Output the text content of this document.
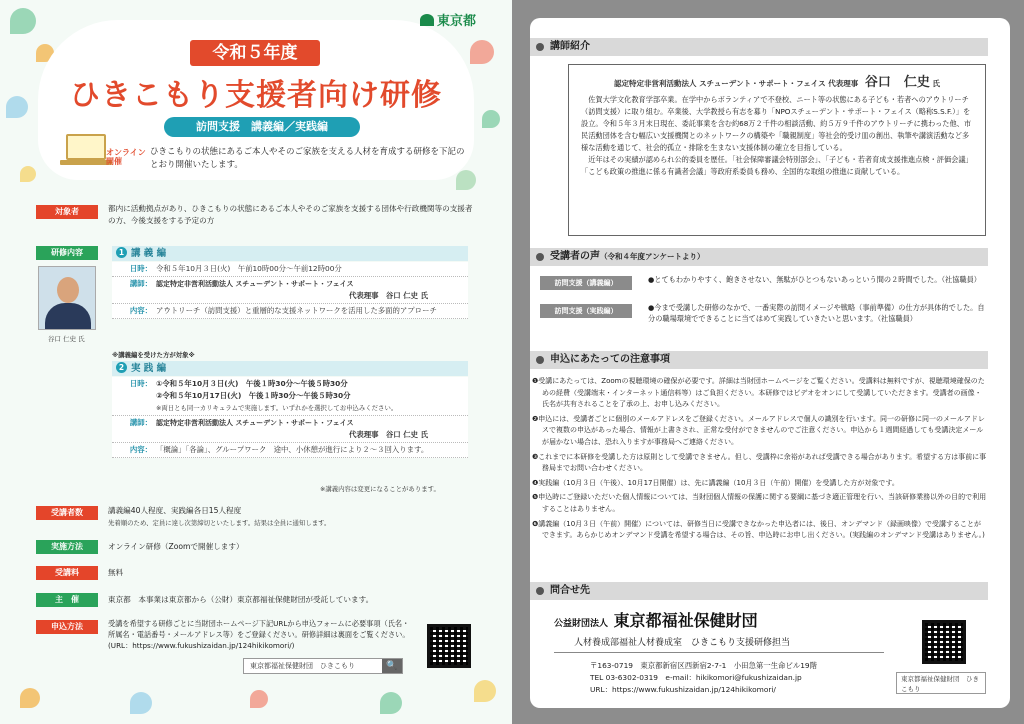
東京都
令和５年度
ひきこもり支援者向け研修
訪問支援　講義編／実践編
オンライン
開催
ひきこもりの状態にあるご本人やそのご家族を支える人材を育成する研修を下記のとおり開催いたします。
対象者	都内に活動拠点があり、ひきこもりの状態にあるご本人やそのご家族を支援する団体や行政機関等の支援者の方、今後支援をする予定の方
研修内容
谷口 仁史 氏
1 講 義 編
日時： 令和５年10月３日(火)　午前10時00分～午前12時00分
講師： 認定特定非営利活動法人 スチューデント・サポート・フェイス
代表理事　谷口 仁史 氏
内容： アウトリーチ（訪問支援）と重層的な支援ネットワークを活用した多面的アプローチ
※講義編を受けた方が対象※
2 実 践 編
日時： ①令和５年10月３日(火)　午後１時30分～午後５時30分
②令和５年10月17日(火)　午後１時30分～午後５時30分
※両日とも同一カリキュラムで実施します。いずれかを選択してお申込みください。
講師： 認定特定非営利活動法人 スチューデント・サポート・フェイス
代表理事　谷口 仁史 氏
内容： 「概論」「各論」、グループワーク　途中、小休憩が進行により２～３回入ります。
※講義内容は変更になることがあります。
受講者数	講義編40人程度、実践編各日15人程度
先着順のため、定員に達し次第締切といたします。結果は全員に通知します。
実施方法	オンライン研修（Zoomで開催します）
受講料	無料
主　催	東京都　本事業は東京都から（公財）東京都福祉保健財団が受託しています。
申込方法	受講を希望する研修ごとに当財団ホームページ下記URLから申込フォームに必要事項（氏名・所属名・電話番号・メールアドレス等）をご登録ください。研修詳細は裏面をご覧ください。(URL：https://www.fukushizaidan.jp/124hikikomori/)
東京都福祉保健財団　ひきこもり	🔍
講師紹介
認定特定非営利活動法人 スチューデント・サポート・フェイス 代表理事 谷口　仁史 氏
佐賀大学文化教育学部卒業。在学中からボランティアで不登校、ニート等の状態にある子ども・若者へのアウトリーチ（訪問支援）に取り組む。卒業後、大学教授ら有志を募り「NPOスチューデント・サポート・フェイス（略称S.S.F.）」を設立。令和５年３月末日現在、委託事業を含む約68万２千件の相談活動、約５万９千件のアウトリーチに携わった他、市民活動団体を含む幅広い支援機関とのネットワークの構築や「職親制度」等社会的受け皿の創出、執筆や講演活動など多様な活動を通じて、社会的孤立・排除を生まない支援体制の確立を目指している。
近年はその実績が認められ公的委員を歴任。「社会保障審議会特別部会」、「子ども・若者育成支援推進点検・評価会議」「こども政策の推進に係る有識者会議」等政府系委員も務め、全国的な取組の推進に貢献している。
受講者の声（令和４年度アンケートより）
訪問支援（講義編）	●とてもわかりやすく、飽きさせない、無駄がひとつもないあっという間の２時間でした。（社協職員）
訪問支援（実践編）	●今まで受講した研修のなかで、一番実際の訪問イメージや戦略（事前準備）の仕方が具体的でした。自分の職場環境でできることに当てはめて実践していきたいと思います。（社協職員）
申込にあたっての注意事項

❶受講にあたっては、Zoomの視聴環境の確保が必要です。詳細は当財団ホームページをご覧ください。受講料は無料ですが、視聴環境確保のための経費（受講端末・インターネット通信料等）はご負担ください。本研修ではビデオをオンにして受講していただきます。受講者の画像・氏名が共有されることを了承の上、お申し込みください。

❷申込には、受講者ごとに個別のメールアドレスをご登録ください。メールアドレスで個人の識別を行います。同一の研修に同一のメールアドレスで複数の申込があった場合、情報が上書きされ、正常な受付ができませんのでご注意ください。申込から１週間経過しても受講決定メールが届かない場合は、恐れ入りますが事務局へご連絡ください。

❸これまでに本研修を受講した方は原則として受講できません。但し、受講枠に余裕があれば受講できる場合があります。希望する方は事前に事務局までお問い合わせください。

❹実践編（10月３日（午後）、10月17日開催）は、先に講義編（10月３日（午前）開催）を受講した方が対象です。

❺申込時にご登録いただいた個人情報については、当財団個人情報の保護に関する要綱に基づき適正管理を行い、当該研修業務以外の目的で利用することはありません。

❻講義編（10月３日（午前）開催）については、研修当日に受講できなかった申込者には、後日、オンデマンド（録画映像）で受講することができます。あらかじめオンデマンド受講を希望する場合は、その旨、申込時にお申し出ください。(実践編のオンデマンド受講はありません。)

問合せ先
公益財団法人 東京都福祉保健財団
人材養成部福祉人材養成室　ひきこもり支援研修担当
〒163-0719　東京都新宿区西新宿2-7-1　小田急第一生命ビル19階
TEL 03-6302-0319　e-mail：hikikomori@fukushizaidan.jp
URL：https://www.fukushizaidan.jp/124hikikomori/
東京都福祉保健財団　ひきこもり
